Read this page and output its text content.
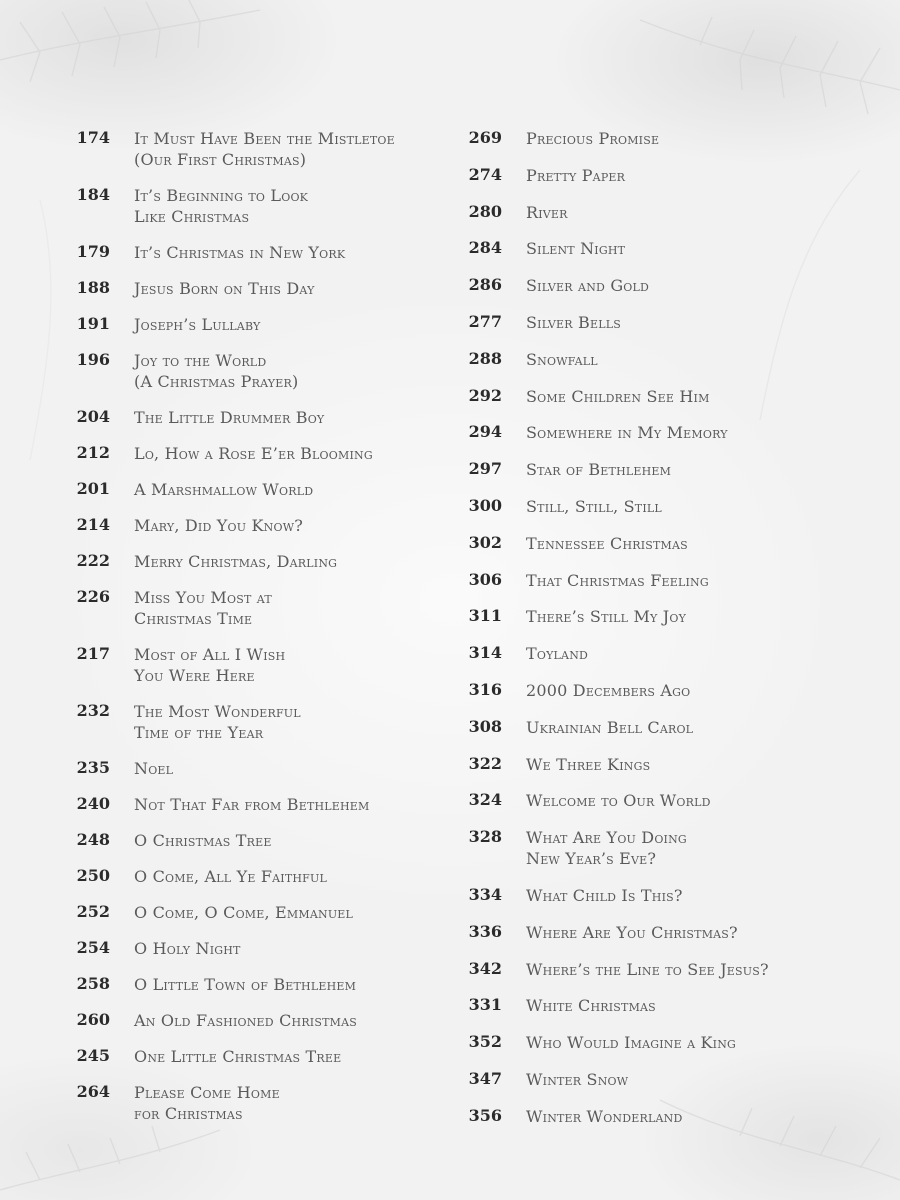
174 It Must Have Been the Mistletoe
(Our First Christmas)
184 It’s Beginning to Look
Like Christmas
179 It’s Christmas in New York
188 Jesus Born on This Day
191 Joseph’s Lullaby
196 Joy to the World
(A Christmas Prayer)
204 The Little Drummer Boy
212 Lo, How a Rose E’er Blooming
201 A Marshmallow World
214 Mary, Did You Know?
222 Merry Christmas, Darling
226 Miss You Most at
Christmas Time
217 Most of All I Wish
You Were Here
232 The Most Wonderful
Time of the Year
235 Noel
240 Not That Far from Bethlehem
248 O Christmas Tree
250 O Come, All Ye Faithful
252 O Come, O Come, Emmanuel
254 O Holy Night
258 O Little Town of Bethlehem
260 An Old Fashioned Christmas
245 One Little Christmas Tree
264 Please Come Home
for Christmas
269 Precious Promise
274 Pretty Paper
280 River
284 Silent Night
286 Silver and Gold
277 Silver Bells
288 Snowfall
292 Some Children See Him
294 Somewhere in My Memory
297 Star of Bethlehem
300 Still, Still, Still
302 Tennessee Christmas
306 That Christmas Feeling
311 There’s Still My Joy
314 Toyland
316 2000 Decembers Ago
308 Ukrainian Bell Carol
322 We Three Kings
324 Welcome to Our World
328 What Are You Doing
New Year’s Eve?
334 What Child Is This?
336 Where Are You Christmas?
342 Where’s the Line to See Jesus?
331 White Christmas
352 Who Would Imagine a King
347 Winter Snow
356 Winter Wonderland
